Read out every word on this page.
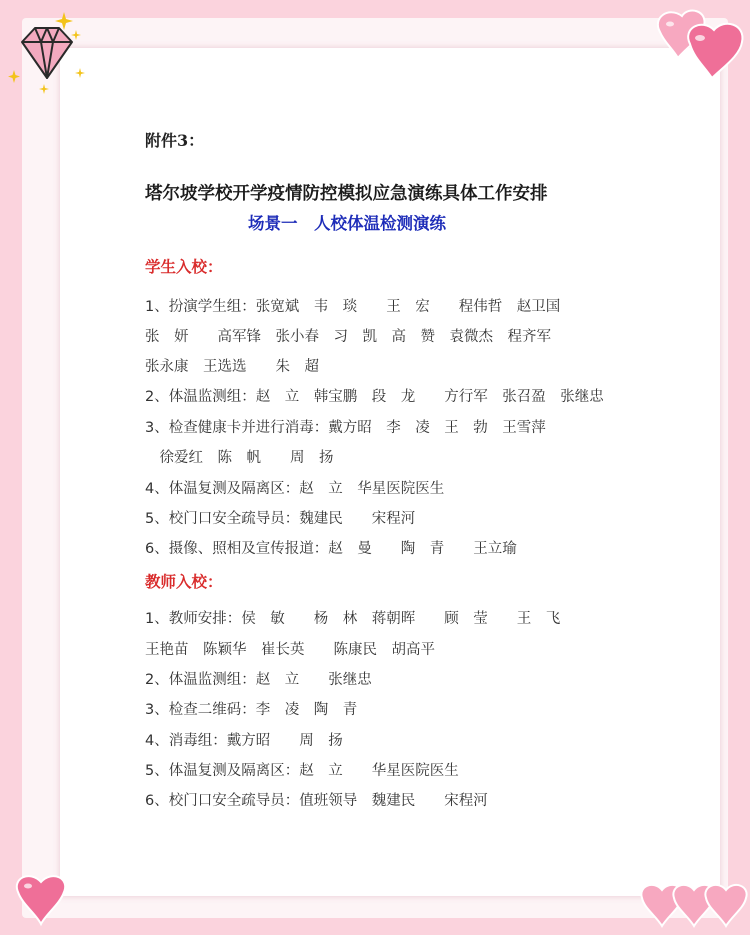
附件3：
塔尔坡学校开学疫情防控模拟应急演练具体工作安排
场景一　人校体温检测演练
学生入校：
1、扮演学生组：张宽斌　韦　琰　　王　宏　　程伟哲　赵卫国
张　妍　　高军锋　张小春　习　凯　高　赞　袁微杰　程齐军
张永康　王选选　　朱　超
2、体温监测组：赵　立　韩宝鹏　段　龙　　方行军　张召盈　张继忠
3、检查健康卡并进行消毒：戴方昭　李　凌　王　勃　王雪萍
　徐爱红　陈　帆　　周　扬
4、体温复测及隔离区：赵　立　华星医院医生
5、校门口安全疏导员：魏建民　　宋程河
6、摄像、照相及宣传报道：赵　曼　　陶　青　　王立瑜
教师入校：
1、教师安排：侯　敏　　杨　林　蒋朝晖　　顾　莹　　王　飞
王艳苗　陈颖华　崔长英　　陈康民　胡高平
2、体温监测组：赵　立　　张继忠
3、检查二维码：李　凌　陶　青
4、消毒组：戴方昭　　周　扬
5、体温复测及隔离区：赵　立　　华星医院医生
6、校门口安全疏导员：值班领导　魏建民　　宋程河
